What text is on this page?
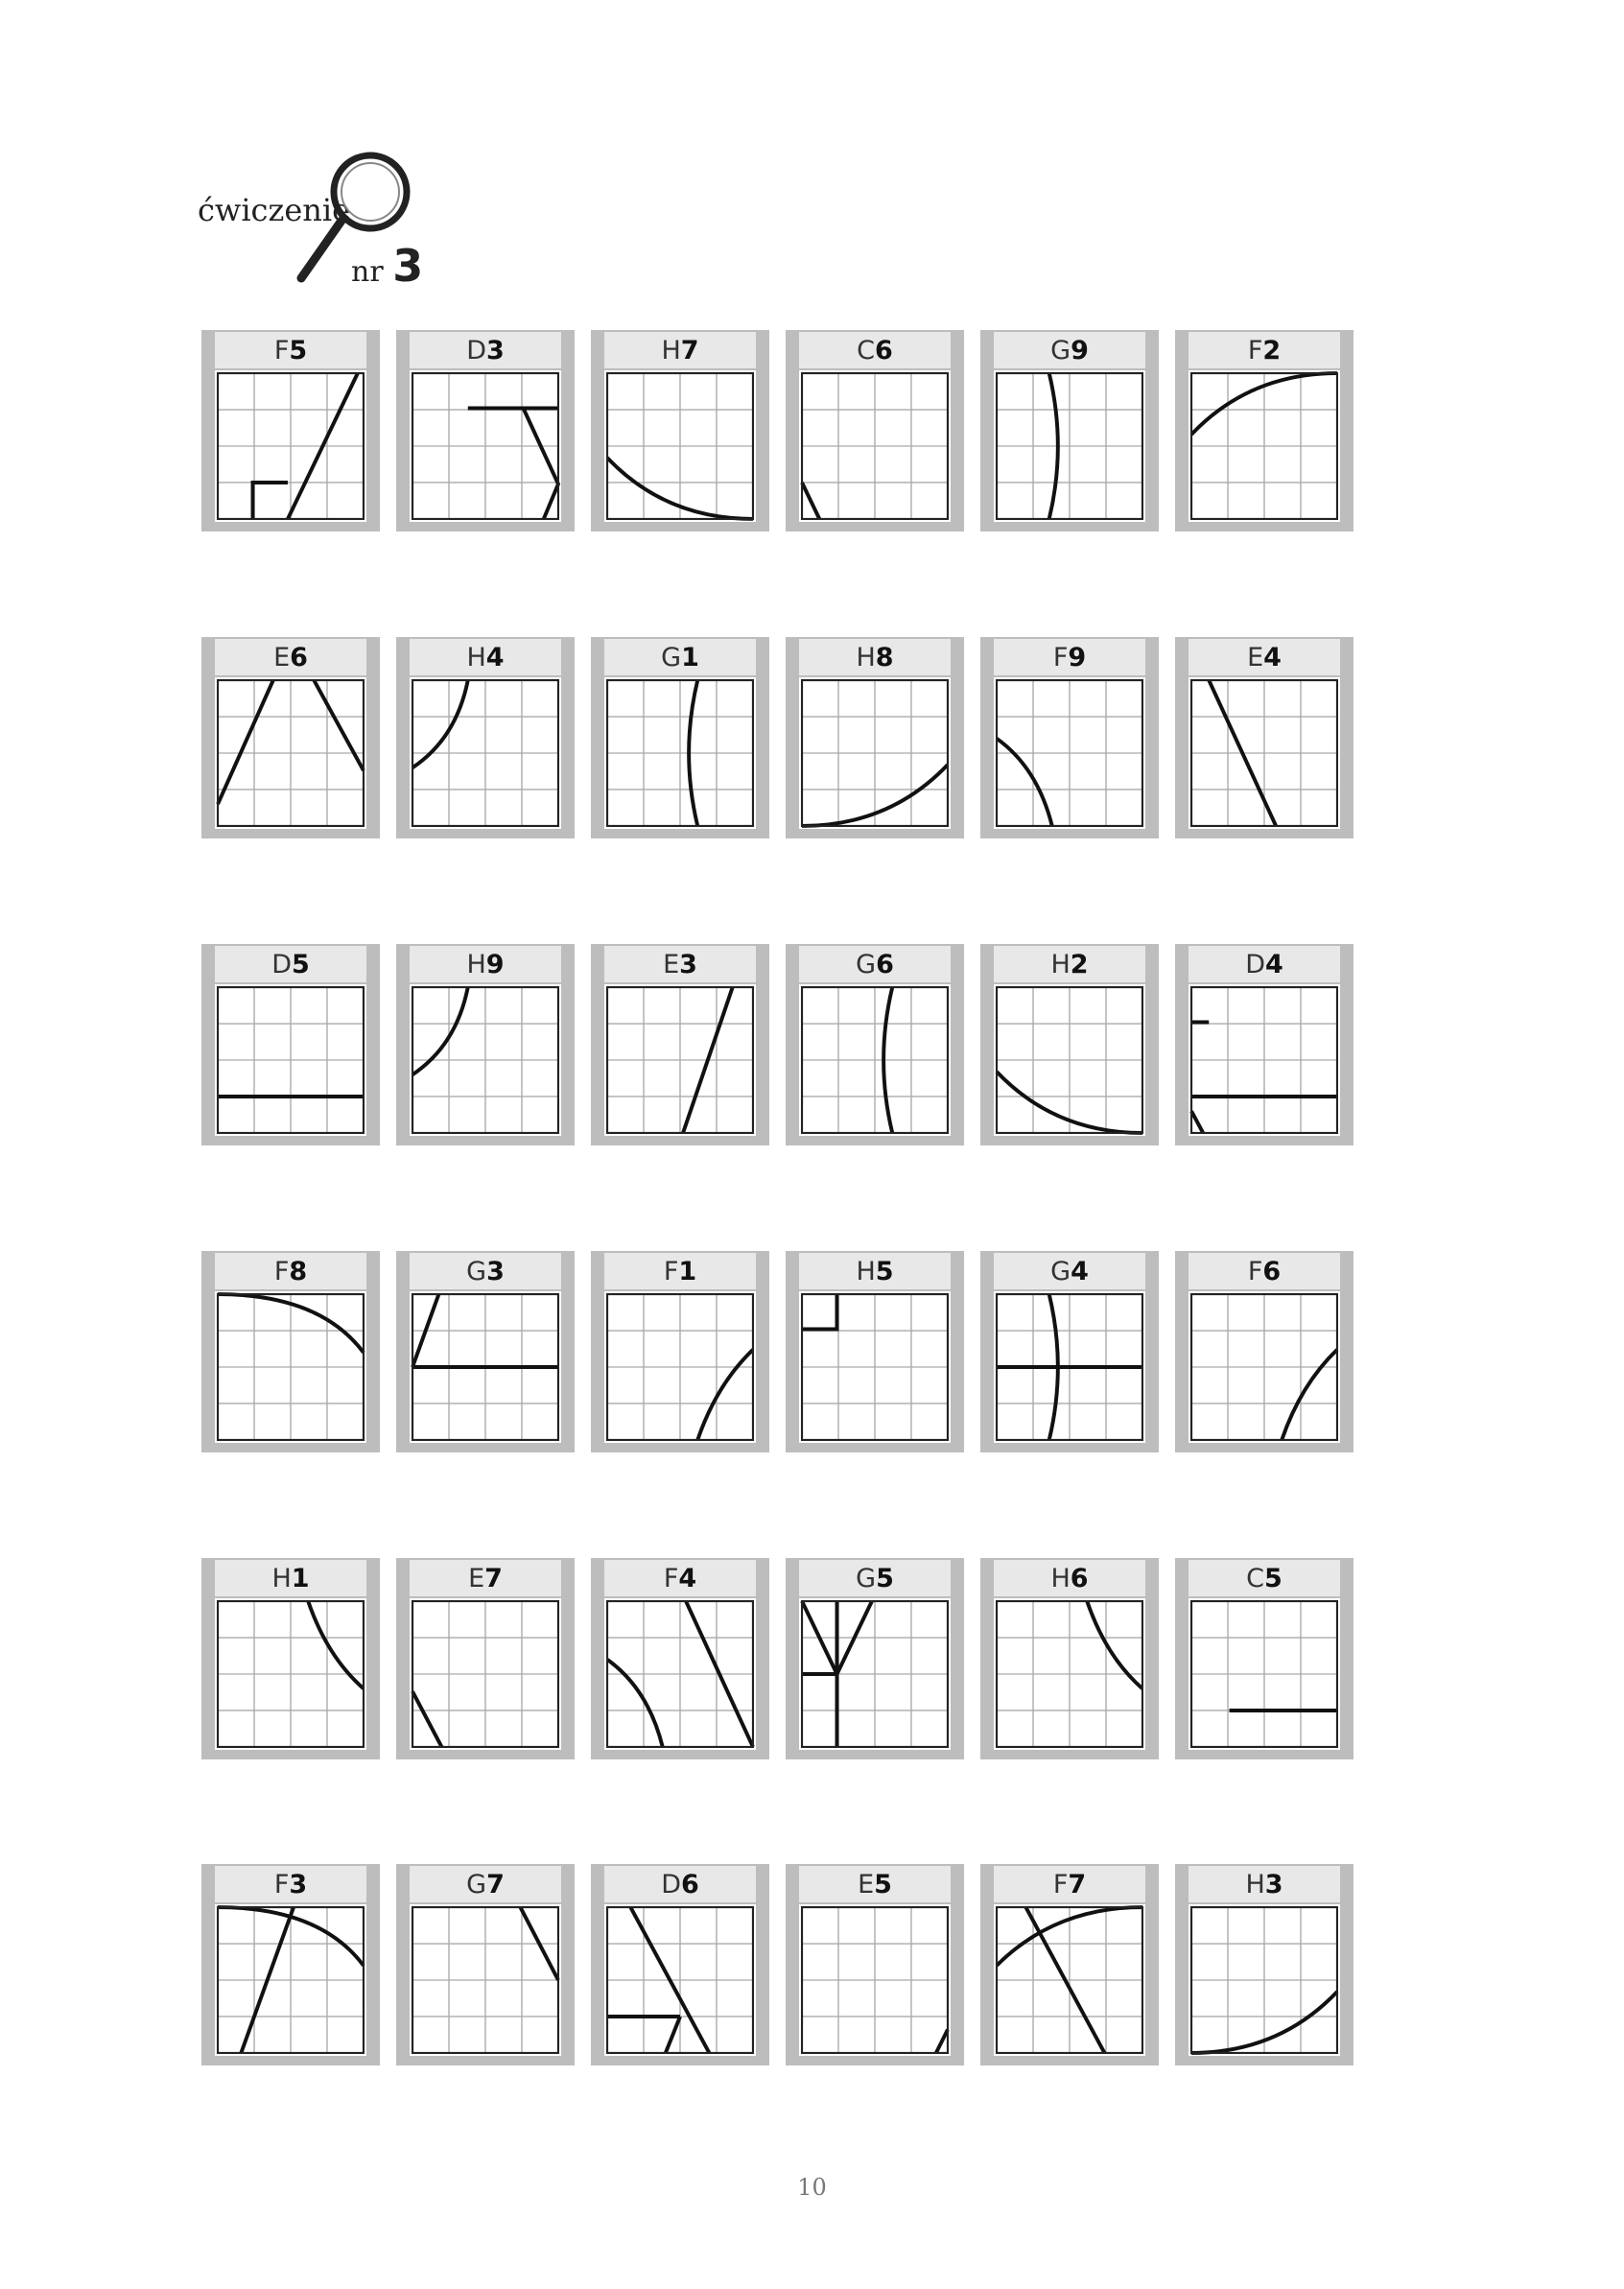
ćwiczenie
nr 3
F5	D3	H7	C6	G9	F2
E6	H4	G1	H8	F9	E4
D5	H9	E3	G6	H2	D4
F8	G3	F1	H5	G4	F6
H1	E7	F4	G5	H6	C5
F3	G7	D6	E5	F7	H3
10
